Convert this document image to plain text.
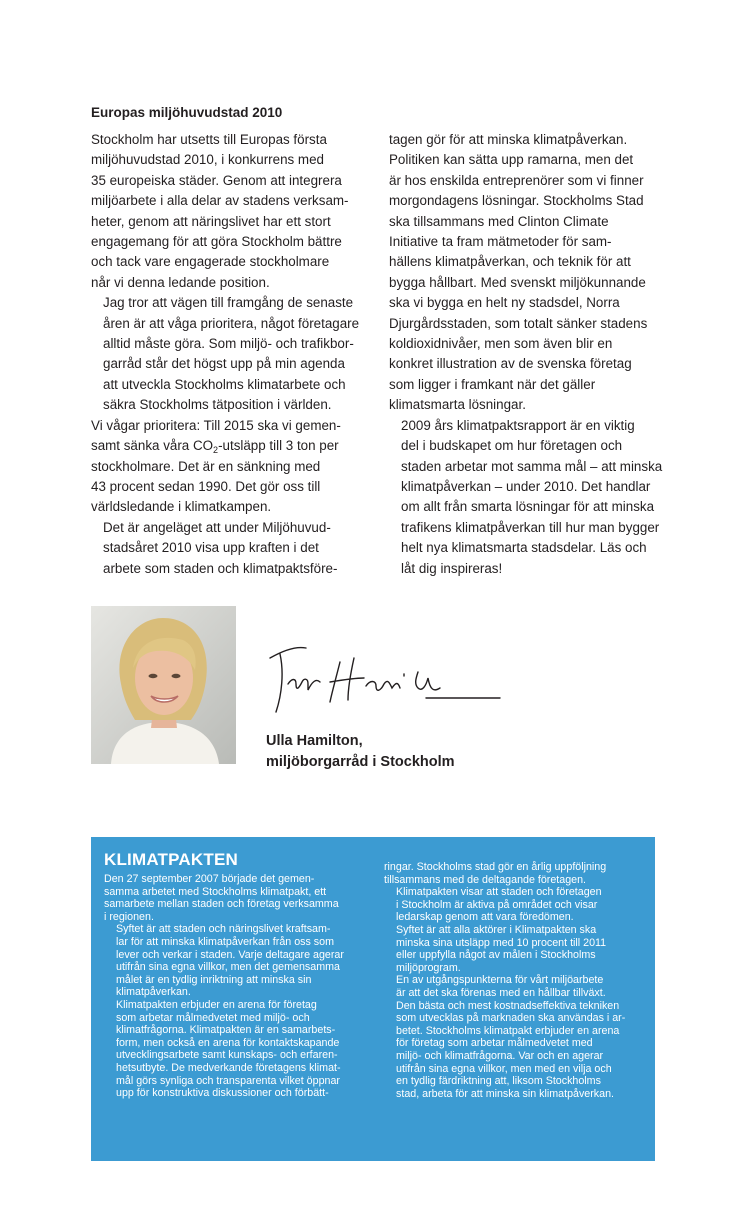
Europas miljöhuvudstad 2010

Stockholm har utsetts till Europas första
miljöhuvudstad 2010, i konkurrens med
35 europeiska städer. Genom att integrera
miljöarbete i alla delar av stadens verksam-
heter, genom att näringslivet har ett stort
engagemang för att göra Stockholm bättre
och tack vare engagerade stockholmare
når vi denna ledande position.

Jag tror att vägen till framgång de senaste
åren är att våga prioritera, något företagare
alltid måste göra. Som miljö- och trafikbor-
garråd står det högst upp på min agenda
att utveckla Stockholms klimatarbete och
säkra Stockholms tätposition i världen.

Vi vågar prioritera: Till 2015 ska vi gemen-
samt sänka våra $CO_2$-utsläpp till 3 ton per
stockholmare. Det är en sänkning med
43 procent sedan 1990. Det gör oss till
världsledande i klimatkampen.

Det är angeläget att under Miljöhuvud-
stadsåret 2010 visa upp kraften i det
arbete som staden och klimatpaktsföre-

tagen gör för att minska klimatpåverkan.
Politiken kan sätta upp ramarna, men det
är hos enskilda entreprenörer som vi finner
morgondagens lösningar. Stockholms Stad
ska tillsammans med Clinton Climate
Initiative ta fram mätmetoder för sam-
hällens klimatpåverkan, och teknik för att
bygga hållbart. Med svenskt miljökunnande
ska vi bygga en helt ny stadsdel, Norra
Djurgårdsstaden, som totalt sänker stadens
koldioxidnivåer, men som även blir en
konkret illustration av de svenska företag
som ligger i framkant när det gäller
klimatsmarta lösningar.

2009 års klimatpaktsrapport är en viktig
del i budskapet om hur företagen och
staden arbetar mot samma mål – att minska
klimatpåverkan – under 2010. Det handlar
om allt från smarta lösningar för att minska
trafikens klimatpåverkan till hur man bygger
helt nya klimatsmarta stadsdelar. Läs och
låt dig inspireras!

Ulla Hamilton,
miljöborgarråd i Stockholm
KLIMATPAKTEN

Den 27 september 2007 började det gemen-
samma arbetet med Stockholms klimatpakt, ett
samarbete mellan staden och företag verksamma
i regionen.

Syftet är att staden och näringslivet kraftsam-
lar för att minska klimatpåverkan från oss som
lever och verkar i staden. Varje deltagare agerar
utifrån sina egna villkor, men det gemensamma
målet är en tydlig inriktning att minska sin
klimatpåverkan.

Klimatpakten erbjuder en arena för företag
som arbetar målmedvetet med miljö- och
klimatfrågorna. Klimatpakten är en samarbets-
form, men också en arena för kontaktskapande
utvecklingsarbete samt kunskaps- och erfaren-
hetsutbyte. De medverkande företagens klimat-
mål görs synliga och transparenta vilket öppnar
upp för konstruktiva diskussioner och förbätt-

ringar. Stockholms stad gör en årlig uppföljning
tillsammans med de deltagande företagen.

Klimatpakten visar att staden och företagen
i Stockholm är aktiva på området och visar
ledarskap genom att vara föredömen.

Syftet är att alla aktörer i Klimatpakten ska
minska sina utsläpp med 10 procent till 2011
eller uppfylla något av målen i Stockholms
miljöprogram.

En av utgångspunkterna för vårt miljöarbete
är att det ska förenas med en hållbar tillväxt.
Den bästa och mest kostnadseffektiva tekniken
som utvecklas på marknaden ska användas i ar-
betet. Stockholms klimatpakt erbjuder en arena
för företag som arbetar målmedvetet med
miljö- och klimatfrågorna. Var och en agerar
utifrån sina egna villkor, men med en vilja och
en tydlig färdriktning att, liksom Stockholms
stad, arbeta för att minska sin klimatpåverkan.
